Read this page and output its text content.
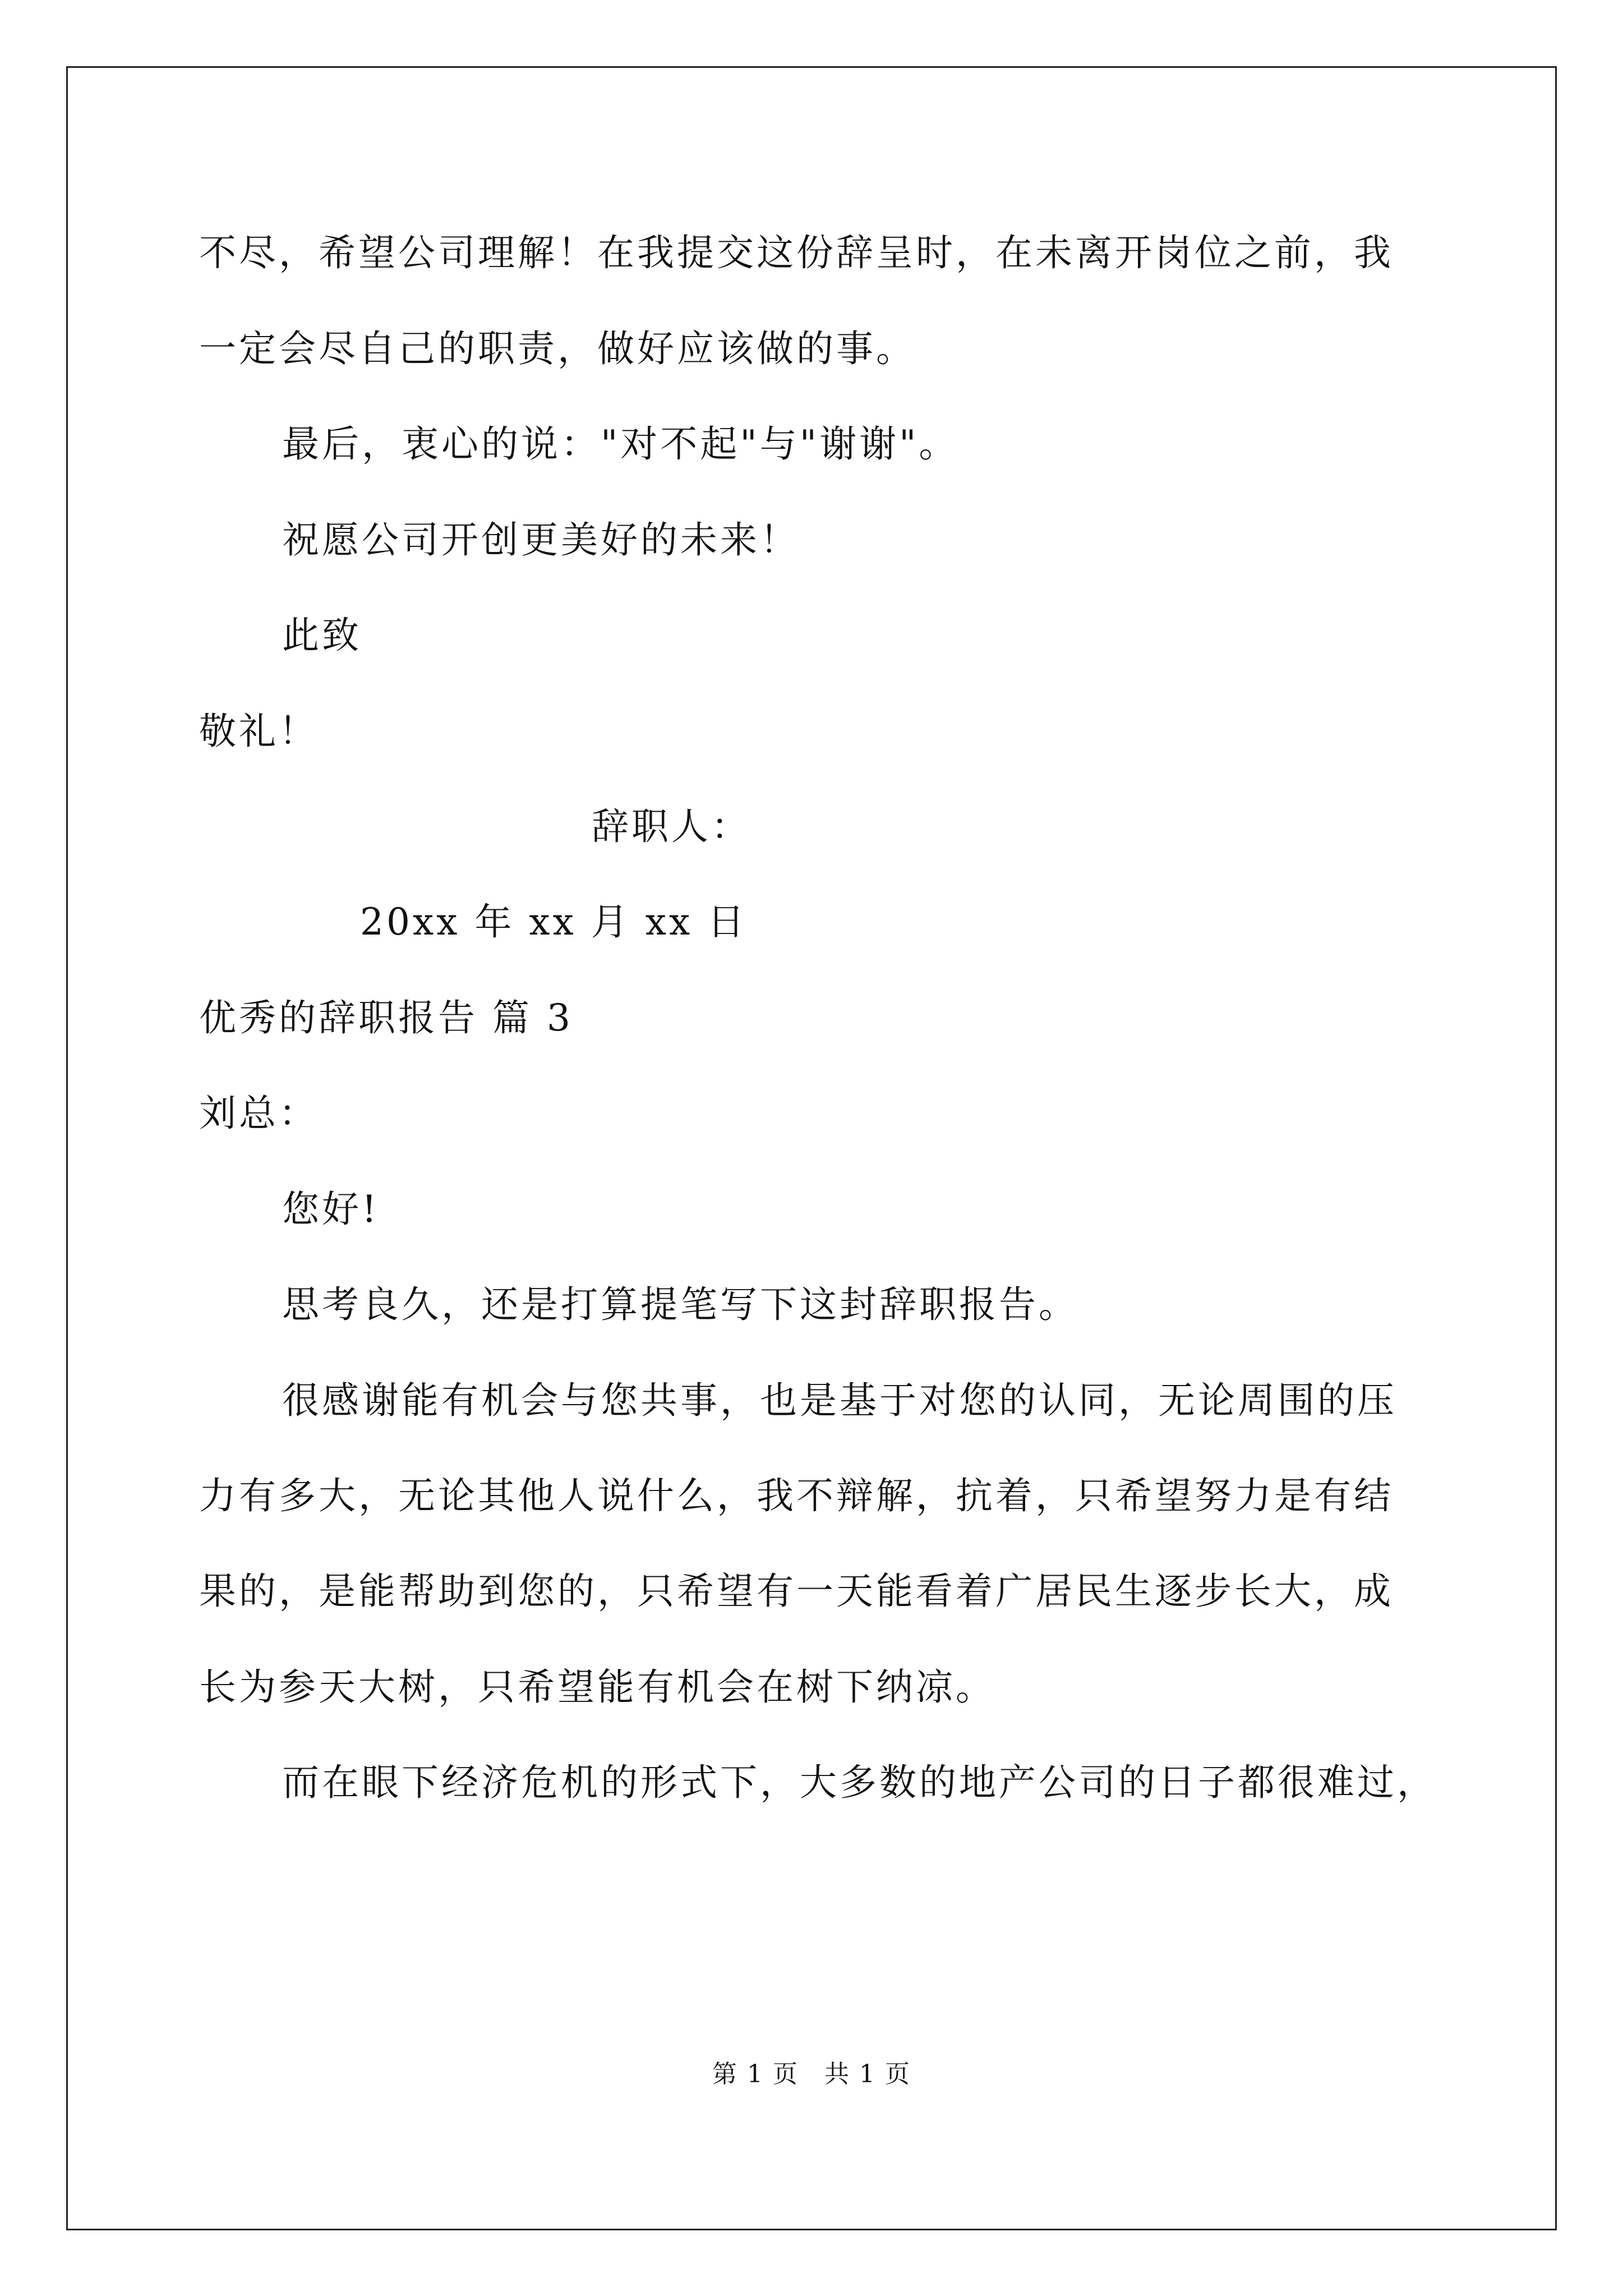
不尽，希望公司理解！在我提交这份辞呈时，在未离开岗位之前，我
一定会尽自己的职责，做好应该做的事。
最后，衷心的说："对不起"与"谢谢"。
祝愿公司开创更美好的未来！
此致
敬礼！
辞职人：
20xx 年 xx 月 xx 日
优秀的辞职报告 篇 3
刘总：
您好!
思考良久，还是打算提笔写下这封辞职报告。
很感谢能有机会与您共事，也是基于对您的认同，无论周围的压
力有多大，无论其他人说什么，我不辩解，抗着，只希望努力是有结
果的，是能帮助到您的，只希望有一天能看着广居民生逐步长大，成
长为参天大树，只希望能有机会在树下纳凉。
而在眼下经济危机的形式下，大多数的地产公司的日子都很难过，
第 1 页　共 1 页
